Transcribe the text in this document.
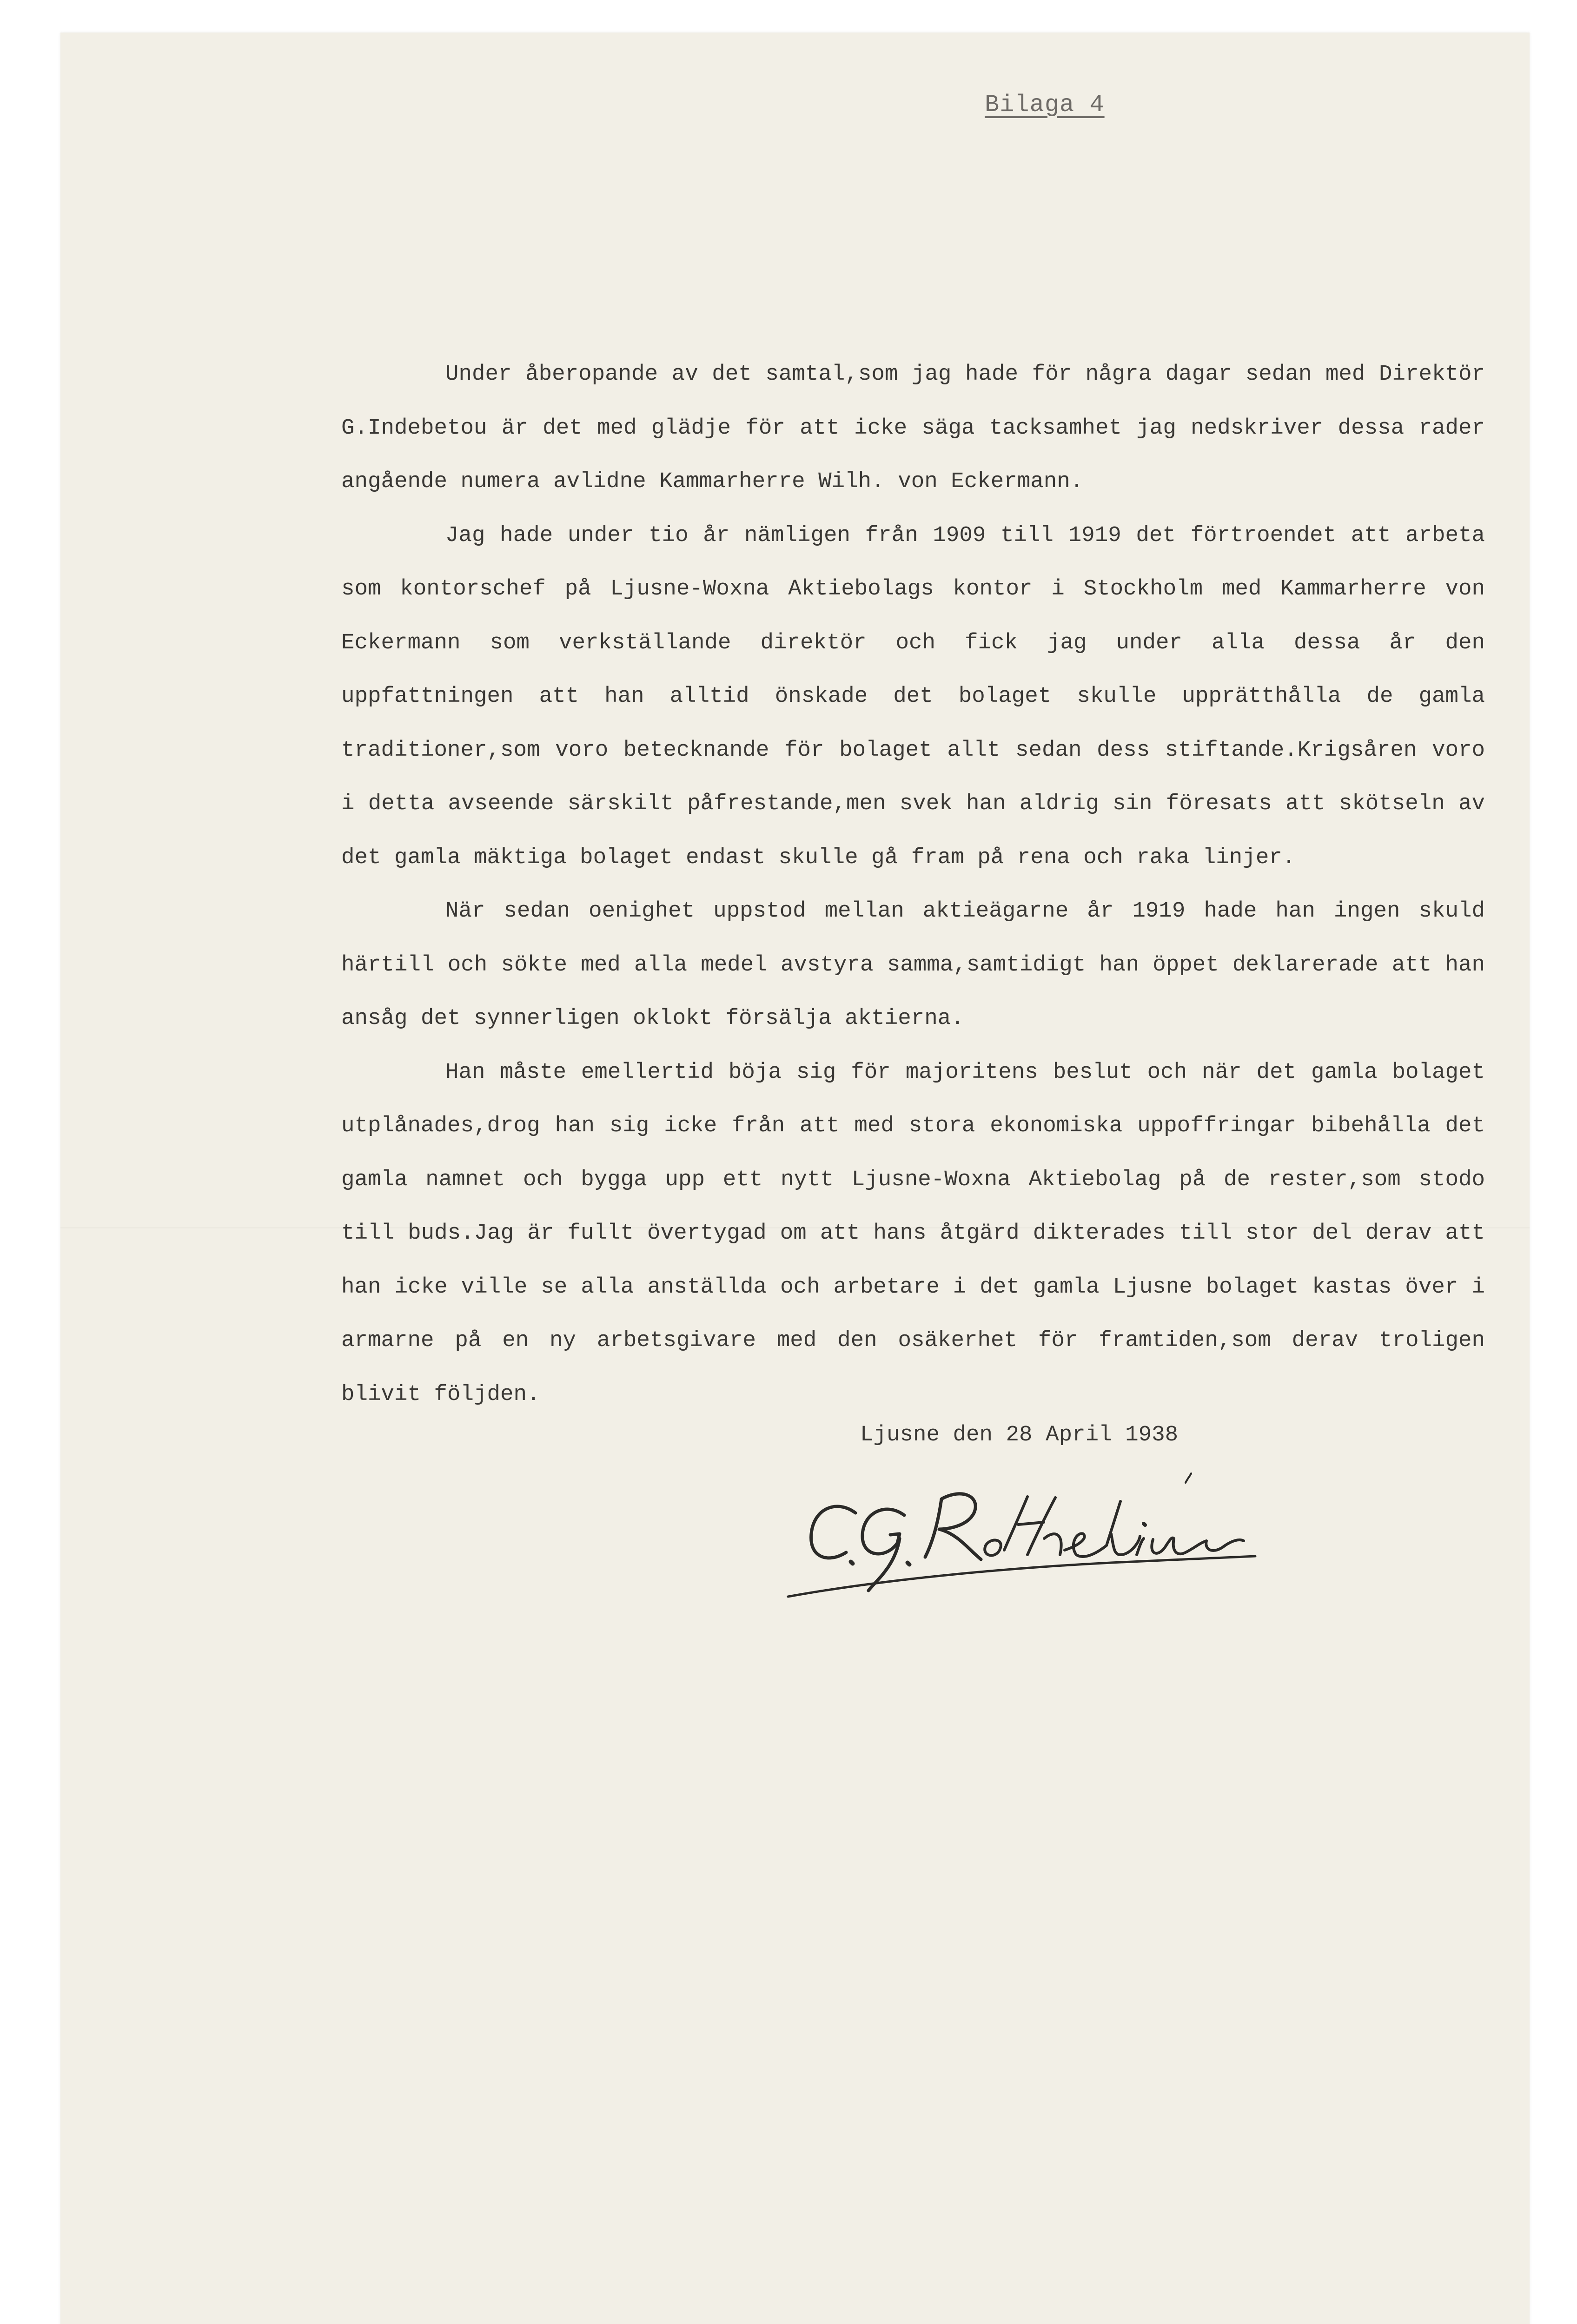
Bilaga 4

Under åberopande av det samtal,som jag hade för några dagar sedan med Direktör G.Indebetou är det med glädje för att icke säga tacksamhet jag nedskriver dessa rader angående numera avlidne Kammarherre Wilh. von Eckermann.

Jag hade under tio år nämligen från 1909 till 1919 det förtroendet att arbeta som kontorschef på Ljusne-Woxna Aktiebolags kontor i Stockholm med Kammarherre von Eckermann som verkställande direktör och fick jag under alla dessa år den uppfattningen att han alltid önskade det bolaget skulle upprätthålla de gamla traditioner,som voro betecknande för bolaget allt sedan dess stiftande.Krigsåren voro i detta avseende särskilt påfrestande,men svek han aldrig sin föresats att skötseln av det gamla mäktiga bolaget endast skulle gå fram på rena och raka linjer.

När sedan oenighet uppstod mellan aktieägarne år 1919 hade han ingen skuld härtill och sökte med alla medel avstyra samma,samtidigt han öppet deklarerade att han ansåg det synnerligen oklokt försälja aktierna.

Han måste emellertid böja sig för majoritens beslut och när det gamla bolaget utplånades,drog han sig icke från att med stora ekonomiska uppoffringar bibehålla det gamla namnet och bygga upp ett nytt Ljusne-Woxna Aktiebolag på de rester,som stodo till buds.Jag är fullt övertygad om att hans åtgärd dikterades till stor del derav att han icke ville se alla anställda och arbetare i det gamla Ljusne bolaget kastas över i armarne på en ny arbetsgivare med den osäkerhet för framtiden,som derav troligen blivit följden.

Ljusne den 28 April 1938
